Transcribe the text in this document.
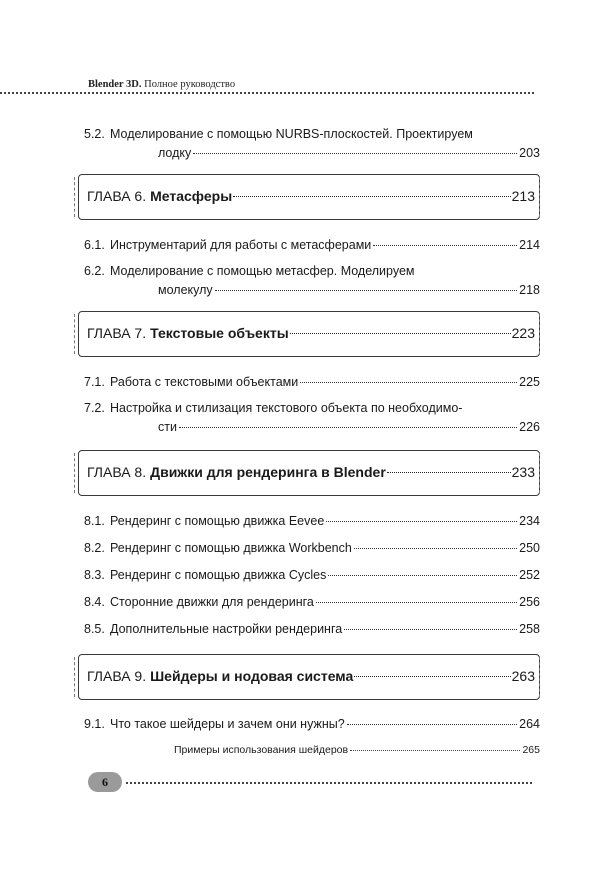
Blender 3D. Полное руководство
5.2. Моделирование с помощью NURBS-плоскостей. Проектируем
лодку	203
ГЛАВА 6. Метасферы	213
6.1. Инструментарий для работы с метасферами	214
6.2. Моделирование с помощью метасфер. Моделируем
молекулу	218
ГЛАВА 7. Текстовые объекты	223
7.1. Работа с текстовыми объектами	225
7.2. Настройка и стилизация текстового объекта по необходимо-
сти	226
ГЛАВА 8. Движки для рендеринга в Blender	233
8.1. Рендеринг с помощью движка Eevee	234
8.2. Рендеринг с помощью движка Workbench	250
8.3. Рендеринг с помощью движка Cycles	252
8.4. Сторонние движки для рендеринга	256
8.5. Дополнительные настройки рендеринга	258
ГЛАВА 9. Шейдеры и нодовая система	263
9.1. Что такое шейдеры и зачем они нужны?	264
Примеры использования шейдеров	265
6
